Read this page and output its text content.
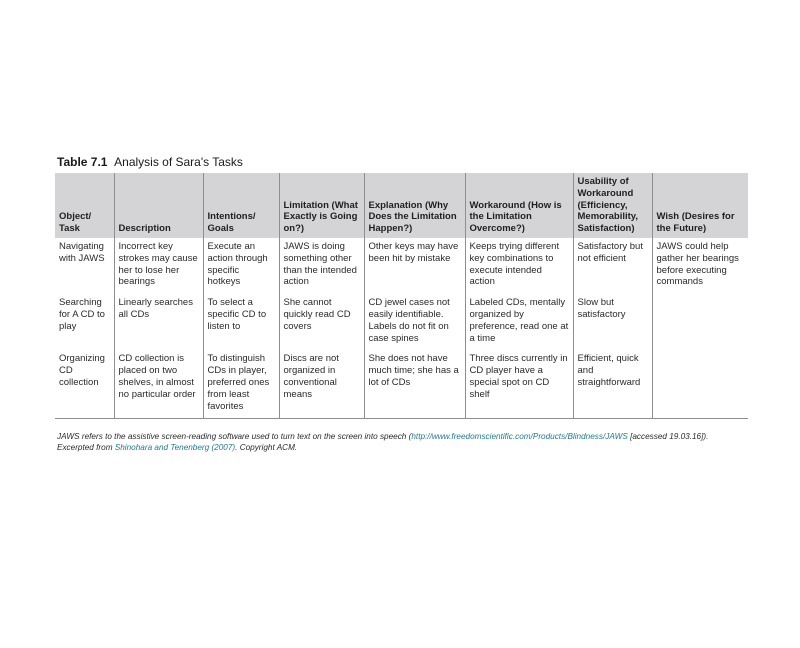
Table 7.1 Analysis of Sara's Tasks
Object/ Task	Description	Intentions/ Goals	Limitation (What Exactly is Going on?)	Explanation (Why Does the Limitation Happen?)	Workaround (How is the Limitation Overcome?)	Usability of Workaround (Efficiency, Memorability, Satisfaction)	Wish (Desires for the Future)
Navigating with JAWS	Incorrect key strokes may cause her to lose her bearings	Execute an action through specific hotkeys	JAWS is doing something other than the intended action	Other keys may have been hit by mistake	Keeps trying different key combinations to execute intended action	Satisfactory but not efficient	JAWS could help gather her bearings before executing commands
Searching for A CD to play	Linearly searches all CDs	To select a specific CD to listen to	She cannot quickly read CD covers	CD jewel cases not easily identifiable. Labels do not fit on case spines	Labeled CDs, mentally organized by preference, read one at a time	Slow but satisfactory	
Organizing CD collection	CD collection is placed on two shelves, in almost no particular order	To distinguish CDs in player, preferred ones from least favorites	Discs are not organized in conventional means	She does not have much time; she has a lot of CDs	Three discs currently in CD player have a special spot on CD shelf	Efficient, quick and straightforward	

JAWS refers to the assistive screen-reading software used to turn text on the screen into speech (http://www.freedomscientific.com/Products/Blindness/JAWS [accessed 19.03.16]).

Excerpted from Shinohara and Tenenberg (2007). Copyright ACM.
